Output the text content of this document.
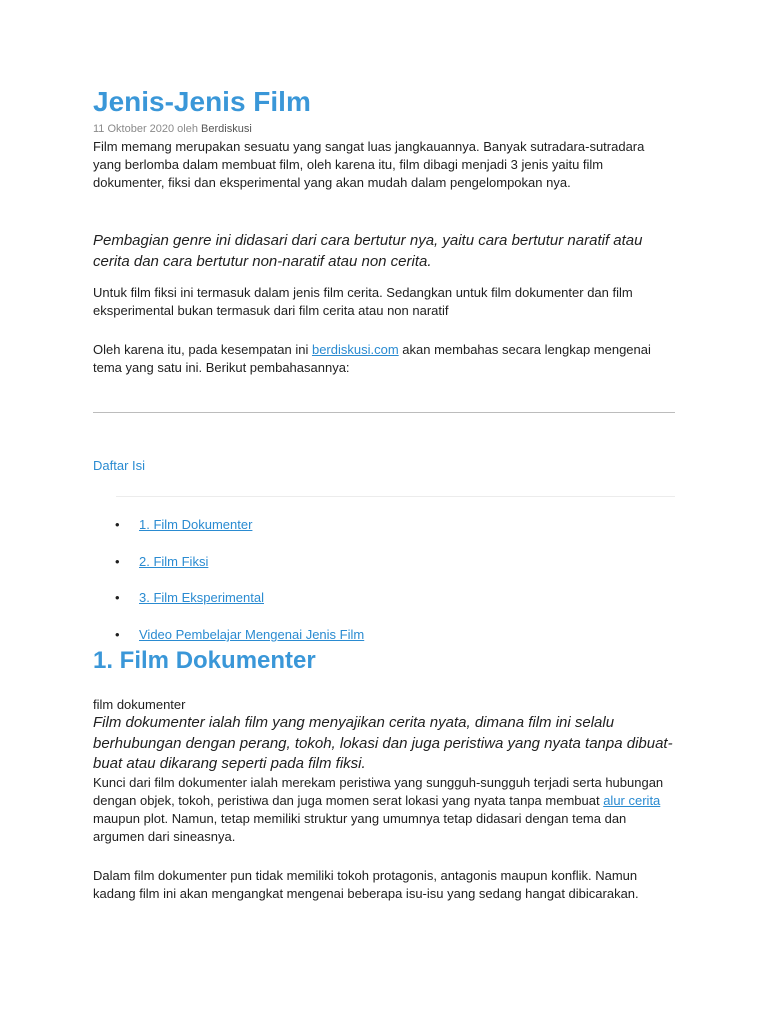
Jenis-Jenis Film
11 Oktober 2020 oleh Berdiskusi

Film memang merupakan sesuatu yang sangat luas jangkauannya. Banyak sutradara-sutradara yang berlomba dalam membuat film, oleh karena itu, film dibagi menjadi 3 jenis yaitu film dokumenter, fiksi dan eksperimental yang akan mudah dalam pengelompokan nya.

Pembagian genre ini didasari dari cara bertutur nya, yaitu cara bertutur naratif atau cerita dan cara bertutur non-naratif atau non cerita.

Untuk film fiksi ini termasuk dalam jenis film cerita. Sedangkan untuk film dokumenter dan film eksperimental bukan termasuk dari film cerita atau non naratif

Oleh karena itu, pada kesempatan ini berdiskusi.com akan membahas secara lengkap mengenai tema yang satu ini. Berikut pembahasannya:

Daftar Isi
• 1. Film Dokumenter
• 2. Film Fiksi
• 3. Film Eksperimental
• Video Pembelajar Mengenai Jenis Film
1. Film Dokumenter
film dokumenter

Film dokumenter ialah film yang menyajikan cerita nyata, dimana film ini selalu berhubungan dengan perang, tokoh, lokasi dan juga peristiwa yang nyata tanpa dibuat-buat atau dikarang seperti pada film fiksi.

Kunci dari film dokumenter ialah merekam peristiwa yang sungguh-sungguh terjadi serta hubungan dengan objek, tokoh, peristiwa dan juga momen serat lokasi yang nyata tanpa membuat alur cerita maupun plot. Namun, tetap memiliki struktur yang umumnya tetap didasari dengan tema dan argumen dari sineasnya.

Dalam film dokumenter pun tidak memiliki tokoh protagonis, antagonis maupun konflik. Namun kadang film ini akan mengangkat mengenai beberapa isu-isu yang sedang hangat dibicarakan.
